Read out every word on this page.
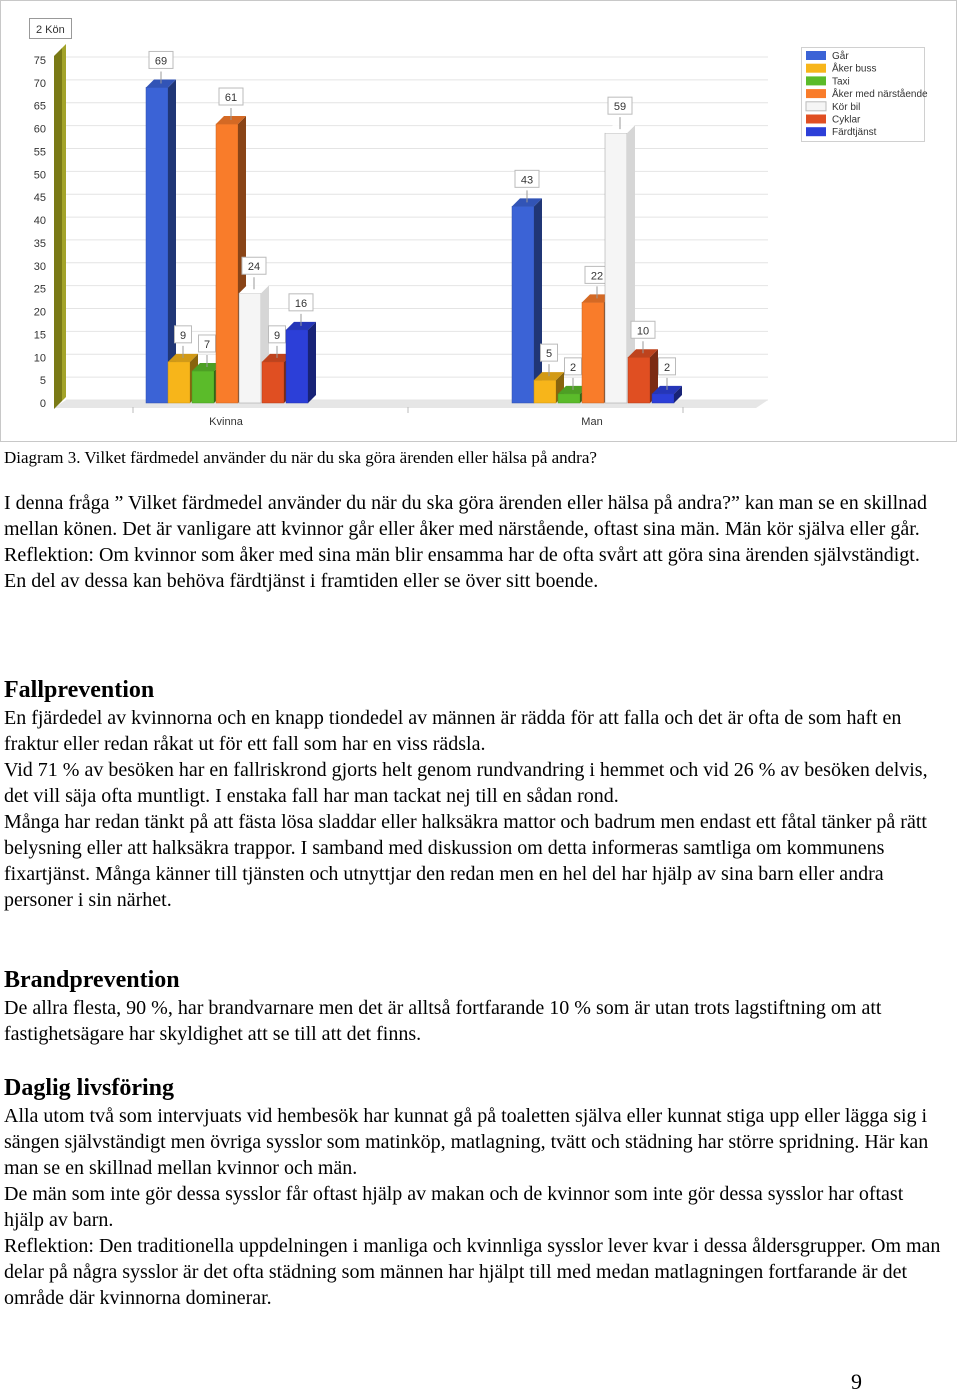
2 Kön
0
5
10
15
20
25
30
35
40
45
50
55
60
65
70
75
Kvinna	Man
69
9
7
61
24
9
16
43
5
2
22
59
10
2
Går
Åker buss
Taxi
Åker med närstående
Kör bil
Cyklar
Färdtjänst
Diagram 3. Vilket färdmedel använder du när du ska göra ärenden eller hälsa på andra?

I denna fråga ” Vilket färdmedel använder du när du ska göra ärenden eller hälsa på andra?” kan man se en skillnad mellan könen. Det är vanligare att kvinnor går eller åker med närstående, oftast sina män. Män kör själva eller går.

Reflektion: Om kvinnor som åker med sina män blir ensamma har de ofta svårt att göra sina ärenden självständigt. En del av dessa kan behöva färdtjänst i framtiden eller se över sitt boende.

Fallprevention

En fjärdedel av kvinnorna och en knapp tiondedel av männen är rädda för att falla och det är ofta de som haft en fraktur eller redan råkat ut för ett fall som har en viss rädsla.

Vid 71 % av besöken har en fallriskrond gjorts helt genom rundvandring i hemmet och vid 26 % av besöken delvis, det vill säja ofta muntligt. I enstaka fall har man tackat nej till en sådan rond.

Många har redan tänkt på att fästa lösa sladdar eller halksäkra mattor och badrum men endast ett fåtal tänker på rätt belysning eller att halksäkra trappor. I samband med diskussion om detta informeras samtliga om kommunens fixartjänst. Många känner till tjänsten och utnyttjar den redan men en hel del har hjälp av sina barn eller andra personer i sin närhet.

Brandprevention

De allra flesta, 90 %, har brandvarnare men det är alltså fortfarande 10 % som är utan trots lagstiftning om att fastighetsägare har skyldighet att se till att det finns.

Daglig livsföring

Alla utom två som intervjuats vid hembesök har kunnat gå på toaletten själva eller kunnat stiga upp eller lägga sig i sängen självständigt men övriga sysslor som matinköp, matlagning, tvätt och städning har större spridning. Här kan man se en skillnad mellan kvinnor och män.

De män som inte gör dessa sysslor får oftast hjälp av makan och de kvinnor som inte gör dessa sysslor har oftast hjälp av barn.

Reflektion: Den traditionella uppdelningen i manliga och kvinnliga sysslor lever kvar i dessa åldersgrupper. Om man delar på några sysslor är det ofta städning som männen har hjälpt till med medan matlagningen fortfarande är det område där kvinnorna dominerar.

9
